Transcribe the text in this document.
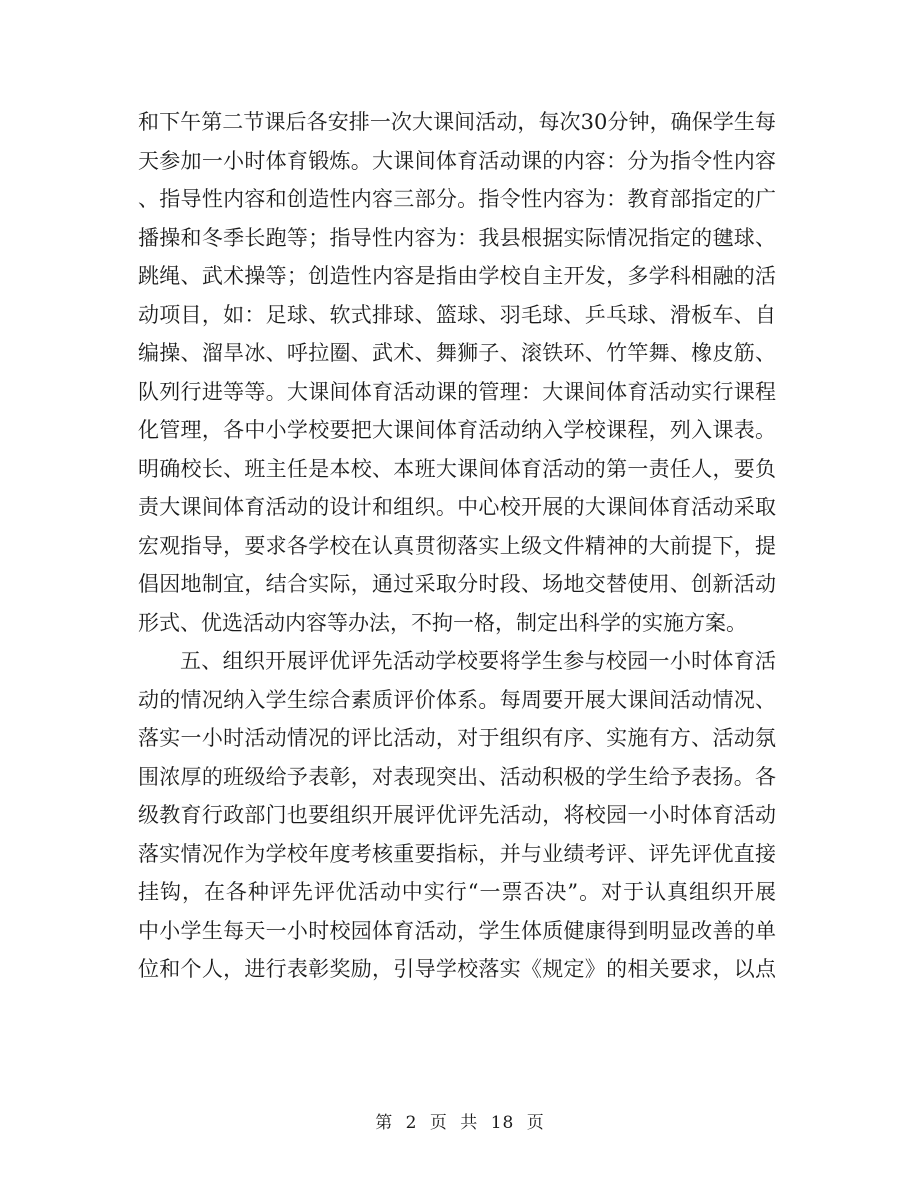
和下午第二节课后各安排一次大课间活动，每次30分钟，确保学生每
天参加一小时体育锻炼。大课间体育活动课的内容：分为指令性内容
、指导性内容和创造性内容三部分。指令性内容为：教育部指定的广
播操和冬季长跑等；指导性内容为：我县根据实际情况指定的毽球、
跳绳、武术操等；创造性内容是指由学校自主开发，多学科相融的活
动项目，如：足球、软式排球、篮球、羽毛球、乒乓球、滑板车、自
编操、溜旱冰、呼拉圈、武术、舞狮子、滚铁环、竹竿舞、橡皮筋、
队列行进等等。大课间体育活动课的管理：大课间体育活动实行课程
化管理，各中小学校要把大课间体育活动纳入学校课程，列入课表。
明确校长、班主任是本校、本班大课间体育活动的第一责任人，要负
责大课间体育活动的设计和组织。中心校开展的大课间体育活动采取
宏观指导，要求各学校在认真贯彻落实上级文件精神的大前提下，提
倡因地制宜，结合实际，通过采取分时段、场地交替使用、创新活动
形式、优选活动内容等办法，不拘一格，制定出科学的实施方案。
五、组织开展评优评先活动学校要将学生参与校园一小时体育活
动的情况纳入学生综合素质评价体系。每周要开展大课间活动情况、
落实一小时活动情况的评比活动，对于组织有序、实施有方、活动氛
围浓厚的班级给予表彰，对表现突出、活动积极的学生给予表扬。各
级教育行政部门也要组织开展评优评先活动，将校园一小时体育活动
落实情况作为学校年度考核重要指标，并与业绩考评、评先评优直接
挂钩，在各种评先评优活动中实行“一票否决”。对于认真组织开展
中小学生每天一小时校园体育活动，学生体质健康得到明显改善的单
位和个人，进行表彰奖励，引导学校落实《规定》的相关要求，以点
第 2 页 共 18 页
